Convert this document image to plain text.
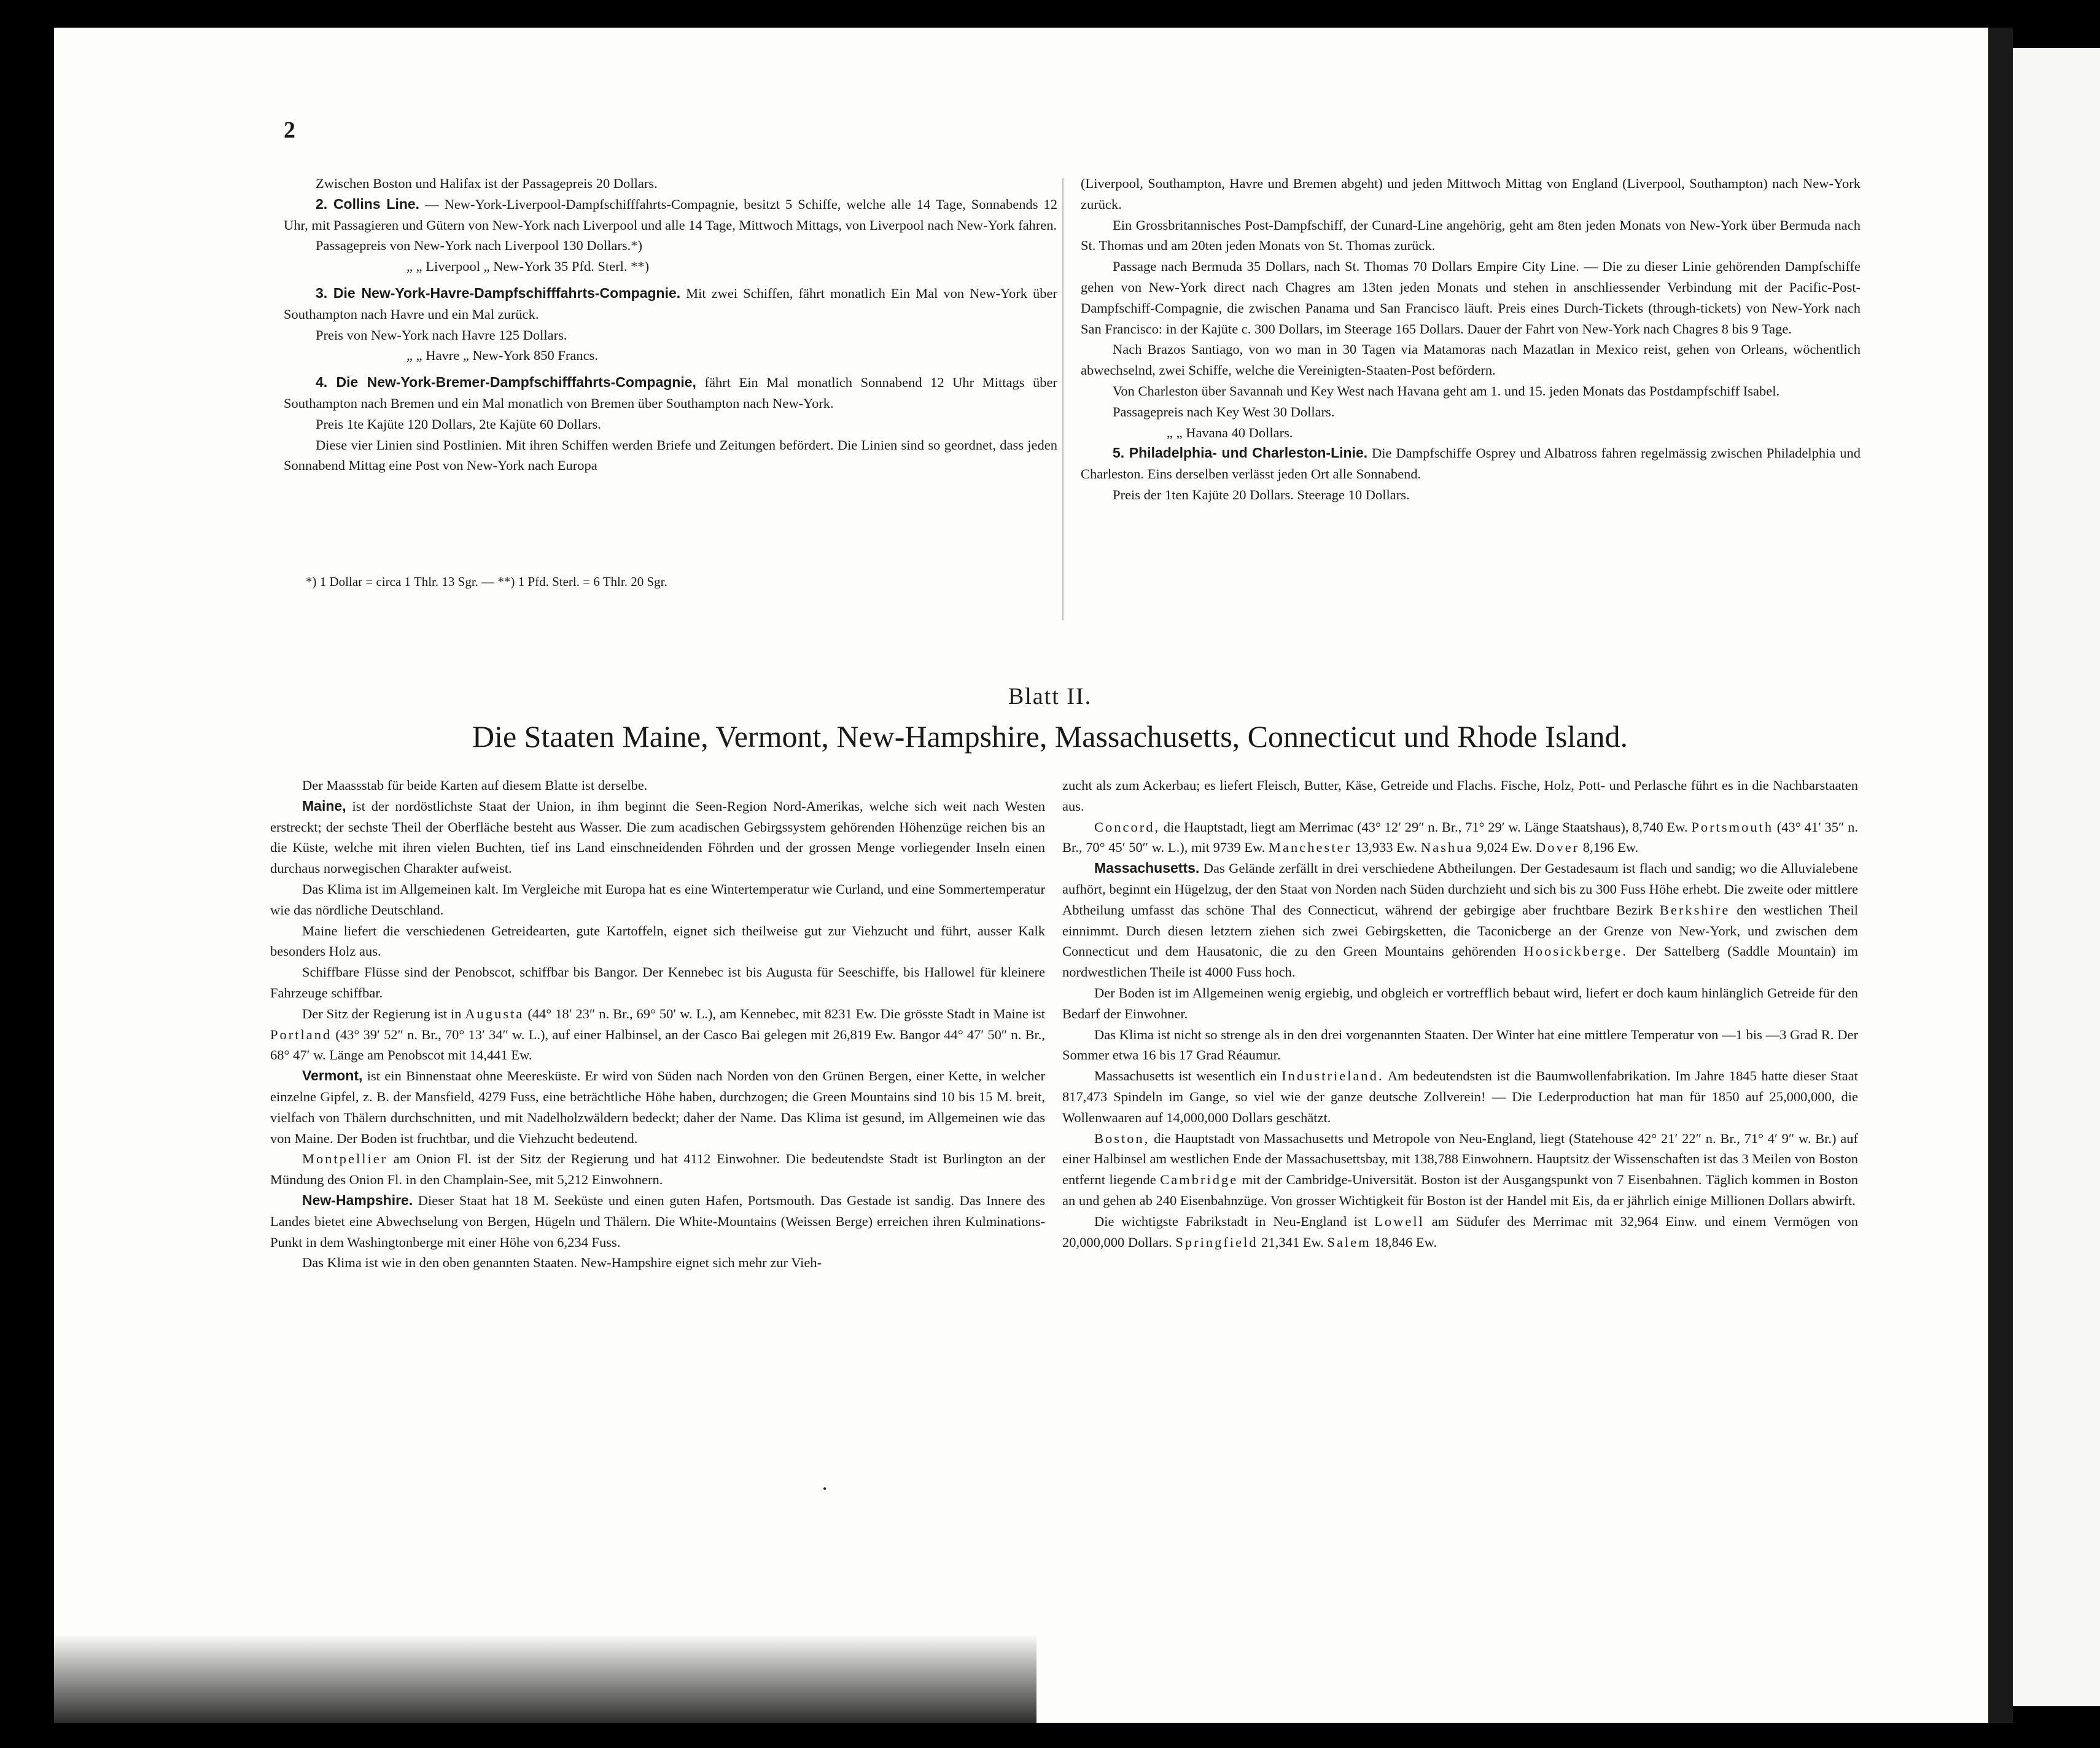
2

Zwischen Boston und Halifax ist der Passagepreis 20 Dollars.

2. Collins Line. — New-York-Liverpool-Dampfschifffahrts-Compagnie, besitzt 5 Schiffe, welche alle 14 Tage, Sonnabends 12 Uhr, mit Passagieren und Gütern von New-York nach Liverpool und alle 14 Tage, Mittwoch Mittags, von Liverpool nach New-York fahren.

Passagepreis von New-York nach Liverpool 130 Dollars.*)

„ „ Liverpool „ New-York 35 Pfd. Sterl. **)

3. Die New-York-Havre-Dampfschifffahrts-Compagnie. Mit zwei Schiffen, fährt monatlich Ein Mal von New-York über Southampton nach Havre und ein Mal zurück.

Preis von New-York nach Havre 125 Dollars.

„ „ Havre „ New-York 850 Francs.

4. Die New-York-Bremer-Dampfschifffahrts-Compagnie, fährt Ein Mal monatlich Sonnabend 12 Uhr Mittags über Southampton nach Bremen und ein Mal monatlich von Bremen über Southampton nach New-York.

Preis 1te Kajüte 120 Dollars, 2te Kajüte 60 Dollars.

Diese vier Linien sind Postlinien. Mit ihren Schiffen werden Briefe und Zeitungen befördert. Die Linien sind so geordnet, dass jeden Sonnabend Mittag eine Post von New-York nach Europa

*) 1 Dollar = circa 1 Thlr. 13 Sgr. — **) 1 Pfd. Sterl. = 6 Thlr. 20 Sgr.

(Liverpool, Southampton, Havre und Bremen abgeht) und jeden Mittwoch Mittag von England (Liverpool, Southampton) nach New-York zurück.

Ein Grossbritannisches Post-Dampfschiff, der Cunard-Line angehörig, geht am 8ten jeden Monats von New-York über Bermuda nach St. Thomas und am 20ten jeden Monats von St. Thomas zurück.

Passage nach Bermuda 35 Dollars, nach St. Thomas 70 Dollars Empire City Line. — Die zu dieser Linie gehörenden Dampfschiffe gehen von New-York direct nach Chagres am 13ten jeden Monats und stehen in anschliessender Verbindung mit der Pacific-Post-Dampfschiff-Compagnie, die zwischen Panama und San Francisco läuft. Preis eines Durch-Tickets (through-tickets) von New-York nach San Francisco: in der Kajüte c. 300 Dollars, im Steerage 165 Dollars. Dauer der Fahrt von New-York nach Chagres 8 bis 9 Tage.

Nach Brazos Santiago, von wo man in 30 Tagen via Matamoras nach Mazatlan in Mexico reist, gehen von Orleans, wöchentlich abwechselnd, zwei Schiffe, welche die Vereinigten-Staaten-Post befördern.

Von Charleston über Savannah und Key West nach Havana geht am 1. und 15. jeden Monats das Postdampfschiff Isabel.

Passagepreis nach Key West 30 Dollars.

„ „ Havana 40 Dollars.

5. Philadelphia- und Charleston-Linie. Die Dampfschiffe Osprey und Albatross fahren regelmässig zwischen Philadelphia und Charleston. Eins derselben verlässt jeden Ort alle Sonnabend.

Preis der 1ten Kajüte 20 Dollars. Steerage 10 Dollars.

Blatt II.
Die Staaten Maine, Vermont, New-Hampshire, Massachusetts, Connecticut und Rhode Island.

Der Maassstab für beide Karten auf diesem Blatte ist derselbe.

Maine, ist der nordöstlichste Staat der Union, in ihm beginnt die Seen-Region Nord-Amerikas, welche sich weit nach Westen erstreckt; der sechste Theil der Oberfläche besteht aus Wasser. Die zum acadischen Gebirgssystem gehörenden Höhenzüge reichen bis an die Küste, welche mit ihren vielen Buchten, tief ins Land einschneidenden Föhrden und der grossen Menge vorliegender Inseln einen durchaus norwegischen Charakter aufweist.

Das Klima ist im Allgemeinen kalt. Im Vergleiche mit Europa hat es eine Wintertemperatur wie Curland, und eine Sommertemperatur wie das nördliche Deutschland.

Maine liefert die verschiedenen Getreidearten, gute Kartoffeln, eignet sich theilweise gut zur Viehzucht und führt, ausser Kalk besonders Holz aus.

Schiffbare Flüsse sind der Penobscot, schiffbar bis Bangor. Der Kennebec ist bis Augusta für Seeschiffe, bis Hallowel für kleinere Fahrzeuge schiffbar.

Der Sitz der Regierung ist in Augusta (44° 18′ 23″ n. Br., 69° 50′ w. L.), am Kennebec, mit 8231 Ew. Die grösste Stadt in Maine ist Portland (43° 39′ 52″ n. Br., 70° 13′ 34″ w. L.), auf einer Halbinsel, an der Casco Bai gelegen mit 26,819 Ew. Bangor 44° 47′ 50″ n. Br., 68° 47′ w. Länge am Penobscot mit 14,441 Ew.

Vermont, ist ein Binnenstaat ohne Meeresküste. Er wird von Süden nach Norden von den Grünen Bergen, einer Kette, in welcher einzelne Gipfel, z. B. der Mansfield, 4279 Fuss, eine beträchtliche Höhe haben, durchzogen; die Green Mountains sind 10 bis 15 M. breit, vielfach von Thälern durchschnitten, und mit Nadelholzwäldern bedeckt; daher der Name. Das Klima ist gesund, im Allgemeinen wie das von Maine. Der Boden ist fruchtbar, und die Viehzucht bedeutend.

Montpellier am Onion Fl. ist der Sitz der Regierung und hat 4112 Einwohner. Die bedeutendste Stadt ist Burlington an der Mündung des Onion Fl. in den Champlain-See, mit 5,212 Einwohnern.

New-Hampshire. Dieser Staat hat 18 M. Seeküste und einen guten Hafen, Portsmouth. Das Gestade ist sandig. Das Innere des Landes bietet eine Abwechselung von Bergen, Hügeln und Thälern. Die White-Mountains (Weissen Berge) erreichen ihren Kulminations-Punkt in dem Washingtonberge mit einer Höhe von 6,234 Fuss.

Das Klima ist wie in den oben genannten Staaten. New-Hampshire eignet sich mehr zur Vieh-

zucht als zum Ackerbau; es liefert Fleisch, Butter, Käse, Getreide und Flachs. Fische, Holz, Pott- und Perlasche führt es in die Nachbarstaaten aus.

Concord, die Hauptstadt, liegt am Merrimac (43° 12′ 29″ n. Br., 71° 29′ w. Länge Staatshaus), 8,740 Ew. Portsmouth (43° 41′ 35″ n. Br., 70° 45′ 50″ w. L.), mit 9739 Ew. Manchester 13,933 Ew. Nashua 9,024 Ew. Dover 8,196 Ew.

Massachusetts. Das Gelände zerfällt in drei verschiedene Abtheilungen. Der Gestadesaum ist flach und sandig; wo die Alluvialebene aufhört, beginnt ein Hügelzug, der den Staat von Norden nach Süden durchzieht und sich bis zu 300 Fuss Höhe erhebt. Die zweite oder mittlere Abtheilung umfasst das schöne Thal des Connecticut, während der gebirgige aber fruchtbare Bezirk Berkshire den westlichen Theil einnimmt. Durch diesen letztern ziehen sich zwei Gebirgsketten, die Taconicberge an der Grenze von New-York, und zwischen dem Connecticut und dem Hausatonic, die zu den Green Mountains gehörenden Hoosickberge. Der Sattelberg (Saddle Mountain) im nordwestlichen Theile ist 4000 Fuss hoch.

Der Boden ist im Allgemeinen wenig ergiebig, und obgleich er vortrefflich bebaut wird, liefert er doch kaum hinlänglich Getreide für den Bedarf der Einwohner.

Das Klima ist nicht so strenge als in den drei vorgenannten Staaten. Der Winter hat eine mittlere Temperatur von —1 bis —3 Grad R. Der Sommer etwa 16 bis 17 Grad Réaumur.

Massachusetts ist wesentlich ein Industrieland. Am bedeutendsten ist die Baumwollenfabrikation. Im Jahre 1845 hatte dieser Staat 817,473 Spindeln im Gange, so viel wie der ganze deutsche Zollverein! — Die Lederproduction hat man für 1850 auf 25,000,000, die Wollenwaaren auf 14,000,000 Dollars geschätzt.

Boston, die Hauptstadt von Massachusetts und Metropole von Neu-England, liegt (Statehouse 42° 21′ 22″ n. Br., 71° 4′ 9″ w. Br.) auf einer Halbinsel am westlichen Ende der Massachusettsbay, mit 138,788 Einwohnern. Hauptsitz der Wissenschaften ist das 3 Meilen von Boston entfernt liegende Cambridge mit der Cambridge-Universität. Boston ist der Ausgangspunkt von 7 Eisenbahnen. Täglich kommen in Boston an und gehen ab 240 Eisenbahnzüge. Von grosser Wichtigkeit für Boston ist der Handel mit Eis, da er jährlich einige Millionen Dollars abwirft.

Die wichtigste Fabrikstadt in Neu-England ist Lowell am Südufer des Merrimac mit 32,964 Einw. und einem Vermögen von 20,000,000 Dollars. Springfield 21,341 Ew. Salem 18,846 Ew.

•
